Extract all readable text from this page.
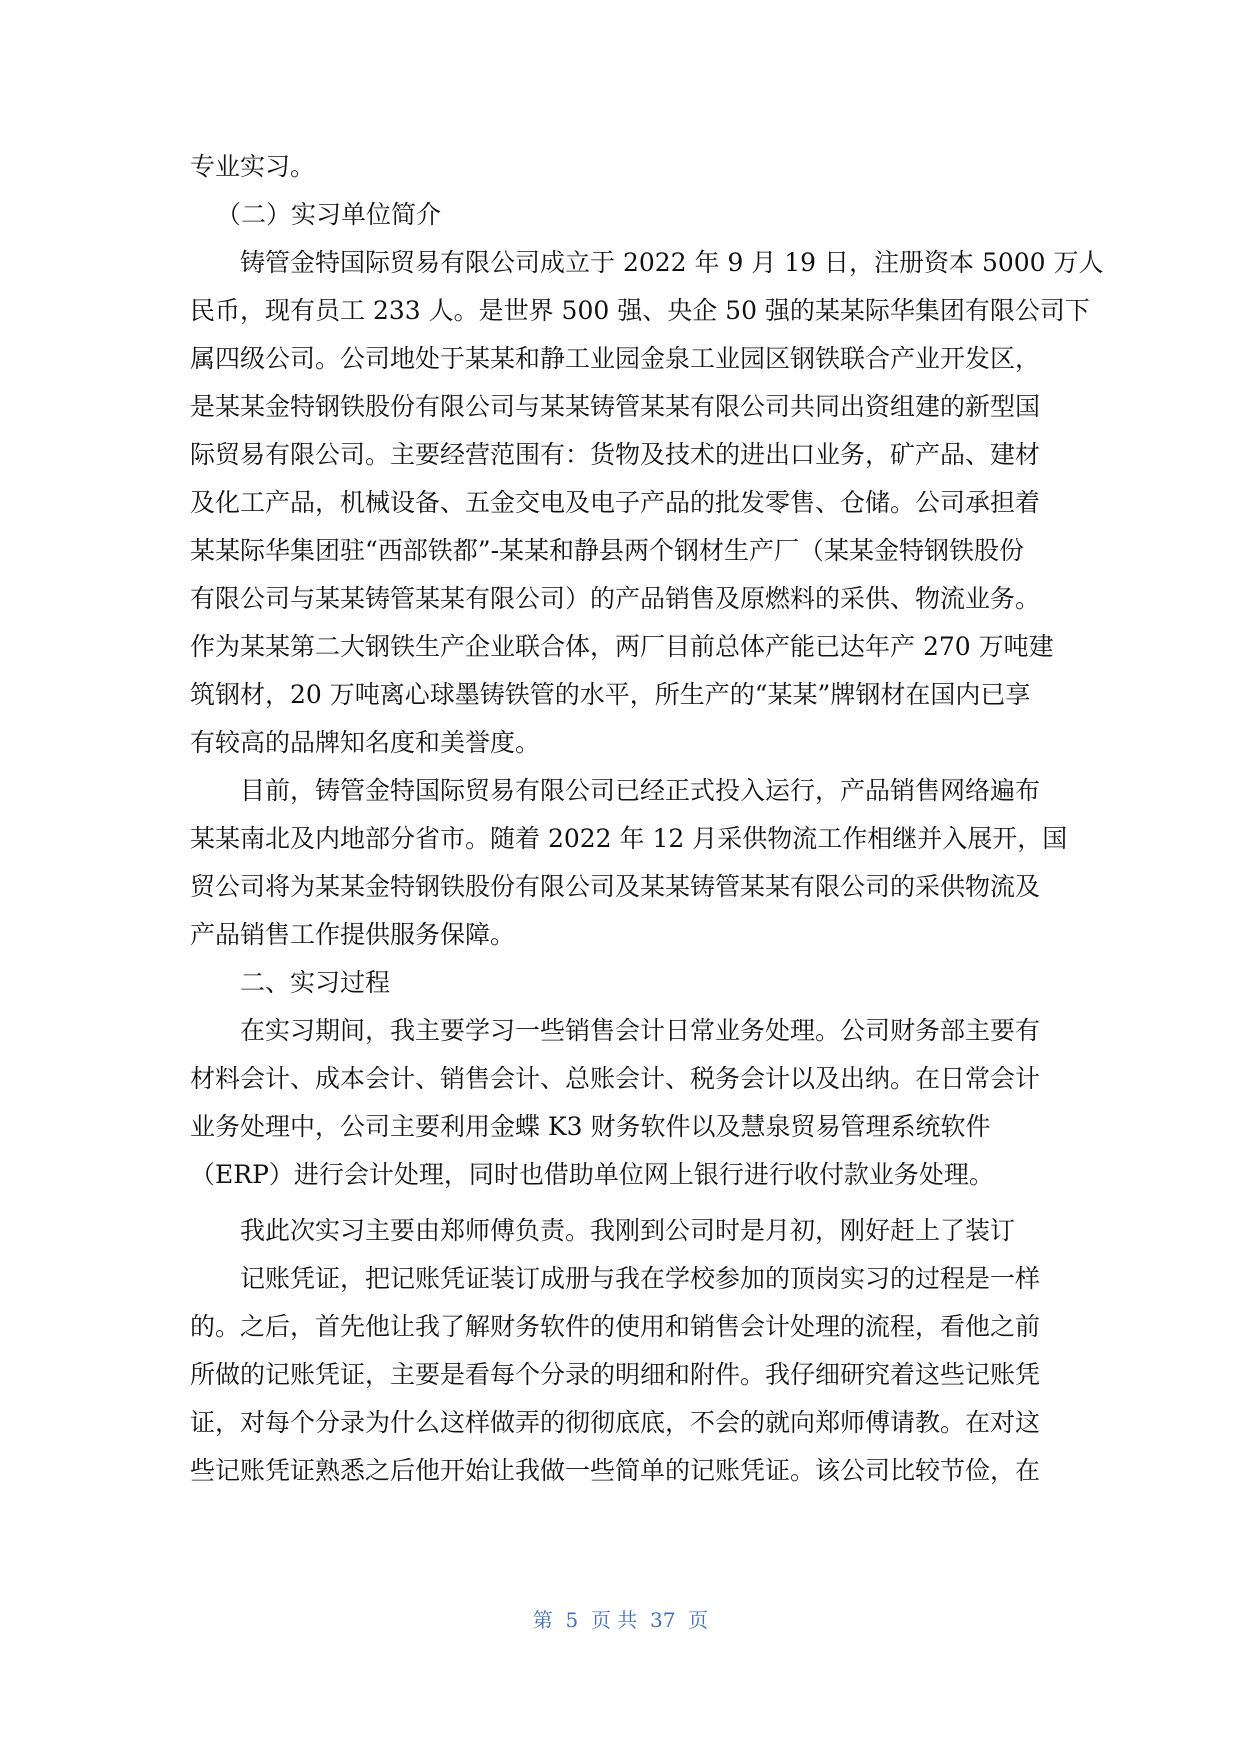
专业实习。
（二）实习单位简介
铸管金特国际贸易有限公司成立于 2022 年 9 月 19 日，注册资本 5000 万人
民币，现有员工 233 人。是世界 500 强、央企 50 强的某某际华集团有限公司下
属四级公司。公司地处于某某和静工业园金泉工业园区钢铁联合产业开发区，
是某某金特钢铁股份有限公司与某某铸管某某有限公司共同出资组建的新型国
际贸易有限公司。主要经营范围有：货物及技术的进出口业务，矿产品、建材
及化工产品，机械设备、五金交电及电子产品的批发零售、仓储。公司承担着
某某际华集团驻“西部铁都”-某某和静县两个钢材生产厂（某某金特钢铁股份
有限公司与某某铸管某某有限公司）的产品销售及原燃料的采供、物流业务。
作为某某第二大钢铁生产企业联合体，两厂目前总体产能已达年产 270 万吨建
筑钢材，20 万吨离心球墨铸铁管的水平，所生产的“某某”牌钢材在国内已享
有较高的品牌知名度和美誉度。
目前，铸管金特国际贸易有限公司已经正式投入运行，产品销售网络遍布
某某南北及内地部分省市。随着 2022 年 12 月采供物流工作相继并入展开，国
贸公司将为某某金特钢铁股份有限公司及某某铸管某某有限公司的采供物流及
产品销售工作提供服务保障。
二、实习过程
在实习期间，我主要学习一些销售会计日常业务处理。公司财务部主要有
材料会计、成本会计、销售会计、总账会计、税务会计以及出纳。在日常会计
业务处理中，公司主要利用金蝶 K3 财务软件以及慧泉贸易管理系统软件
（ERP）进行会计处理，同时也借助单位网上银行进行收付款业务处理。
我此次实习主要由郑师傅负责。我刚到公司时是月初，刚好赶上了装订
记账凭证，把记账凭证装订成册与我在学校参加的顶岗实习的过程是一样
的。之后，首先他让我了解财务软件的使用和销售会计处理的流程，看他之前
所做的记账凭证，主要是看每个分录的明细和附件。我仔细研究着这些记账凭
证，对每个分录为什么这样做弄的彻彻底底，不会的就向郑师傅请教。在对这
些记账凭证熟悉之后他开始让我做一些简单的记账凭证。该公司比较节俭，在
第  5  页 共  37  页
